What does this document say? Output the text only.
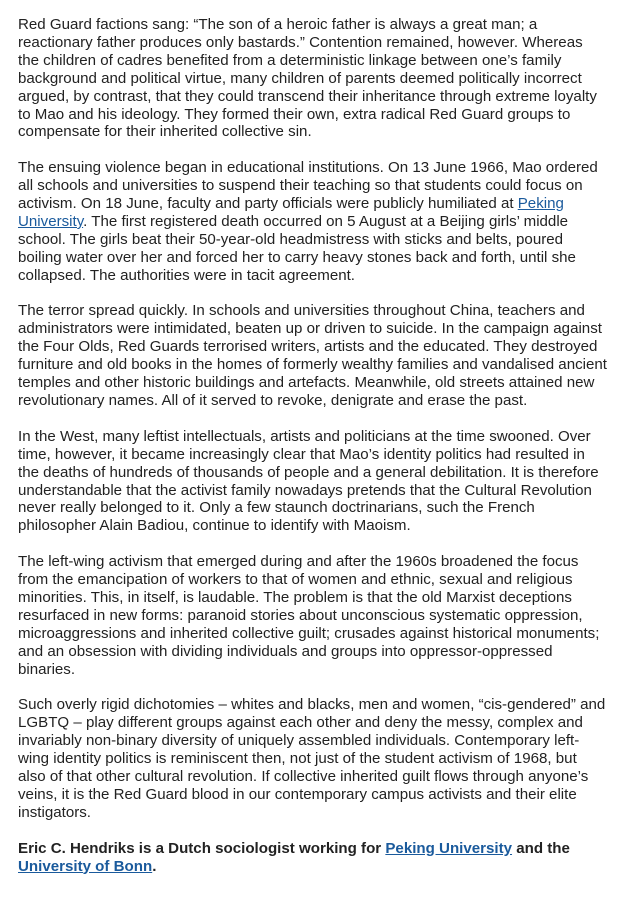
Red Guard factions sang: “The son of a heroic father is always a great man; a reactionary father produces only bastards.” Contention remained, however. Whereas the children of cadres benefited from a deterministic linkage between one’s family background and political virtue, many children of parents deemed politically incorrect argued, by contrast, that they could transcend their inheritance through extreme loyalty to Mao and his ideology. They formed their own, extra radical Red Guard groups to compensate for their inherited collective sin.

The ensuing violence began in educational institutions. On 13 June 1966, Mao ordered all schools and universities to suspend their teaching so that students could focus on activism. On 18 June, faculty and party officials were publicly humiliated at Peking University. The first registered death occurred on 5 August at a Beijing girls’ middle school. The girls beat their 50-year-old headmistress with sticks and belts, poured boiling water over her and forced her to carry heavy stones back and forth, until she collapsed. The authorities were in tacit agreement.

The terror spread quickly. In schools and universities throughout China, teachers and administrators were intimidated, beaten up or driven to suicide. In the campaign against the Four Olds, Red Guards terrorised writers, artists and the educated. They destroyed furniture and old books in the homes of formerly wealthy families and vandalised ancient temples and other historic buildings and artefacts. Meanwhile, old streets attained new revolutionary names. All of it served to revoke, denigrate and erase the past.

In the West, many leftist intellectuals, artists and politicians at the time swooned. Over time, however, it became increasingly clear that Mao’s identity politics had resulted in the deaths of hundreds of thousands of people and a general debilitation. It is therefore understandable that the activist family nowadays pretends that the Cultural Revolution never really belonged to it. Only a few staunch doctrinarians, such the French philosopher Alain Badiou, continue to identify with Maoism.

The left-wing activism that emerged during and after the 1960s broadened the focus from the emancipation of workers to that of women and ethnic, sexual and religious minorities. This, in itself, is laudable. The problem is that the old Marxist deceptions resurfaced in new forms: paranoid stories about unconscious systematic oppression, microaggressions and inherited collective guilt; crusades against historical monuments; and an obsession with dividing individuals and groups into oppressor-oppressed binaries.

Such overly rigid dichotomies – whites and blacks, men and women, “cis-gendered” and LGBTQ – play different groups against each other and deny the messy, complex and invariably non-binary diversity of uniquely assembled individuals. Contemporary left-wing identity politics is reminiscent then, not just of the student activism of 1968, but also of that other cultural revolution. If collective inherited guilt flows through anyone’s veins, it is the Red Guard blood in our contemporary campus activists and their elite instigators.

Eric C. Hendriks is a Dutch sociologist working for Peking University and the University of Bonn.
